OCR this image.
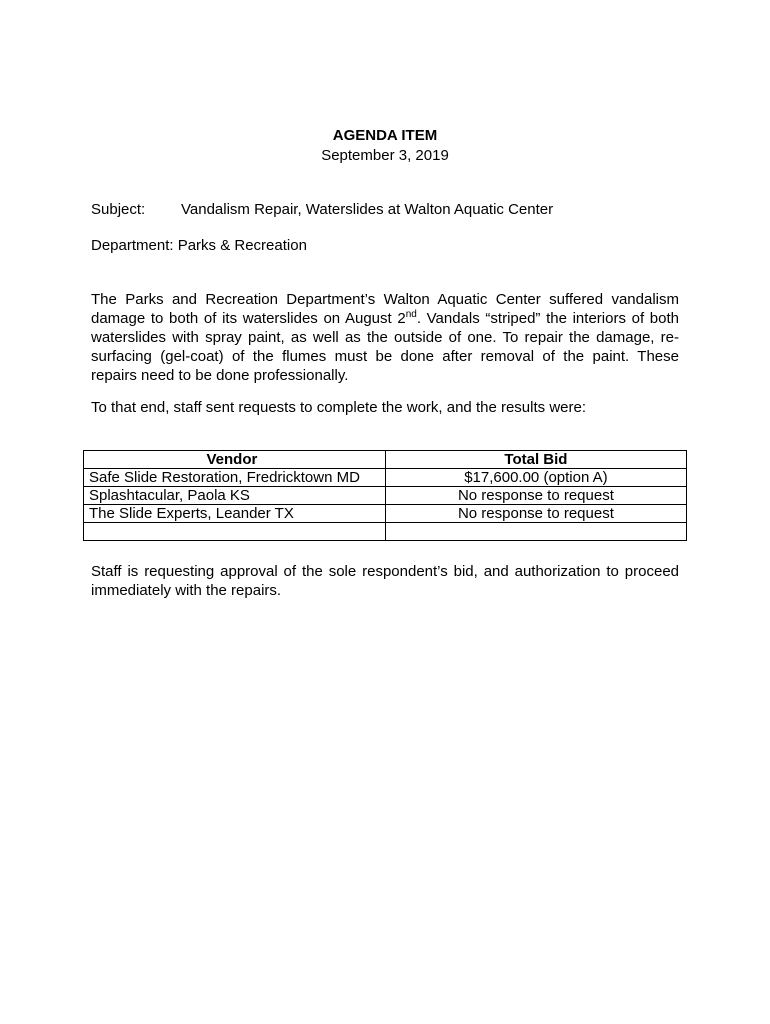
AGENDA ITEM
September 3, 2019
Subject: Vandalism Repair, Waterslides at Walton Aquatic Center
Department: Parks & Recreation
The Parks and Recreation Department’s Walton Aquatic Center suffered vandalism
damage to both of its waterslides on August 2nd. Vandals “striped” the interiors of both
waterslides with spray paint, as well as the outside of one. To repair the damage, re-
surfacing (gel-coat) of the flumes must be done after removal of the paint. These
repairs need to be done professionally.
To that end, staff sent requests to complete the work, and the results were:
Vendor	Total Bid
Safe Slide Restoration, Fredricktown MD	$17,600.00 (option A)
Splashtacular, Paola KS	No response to request
The Slide Experts, Leander TX	No response to request

Staff is requesting approval of the sole respondent’s bid, and authorization to proceed
immediately with the repairs.
